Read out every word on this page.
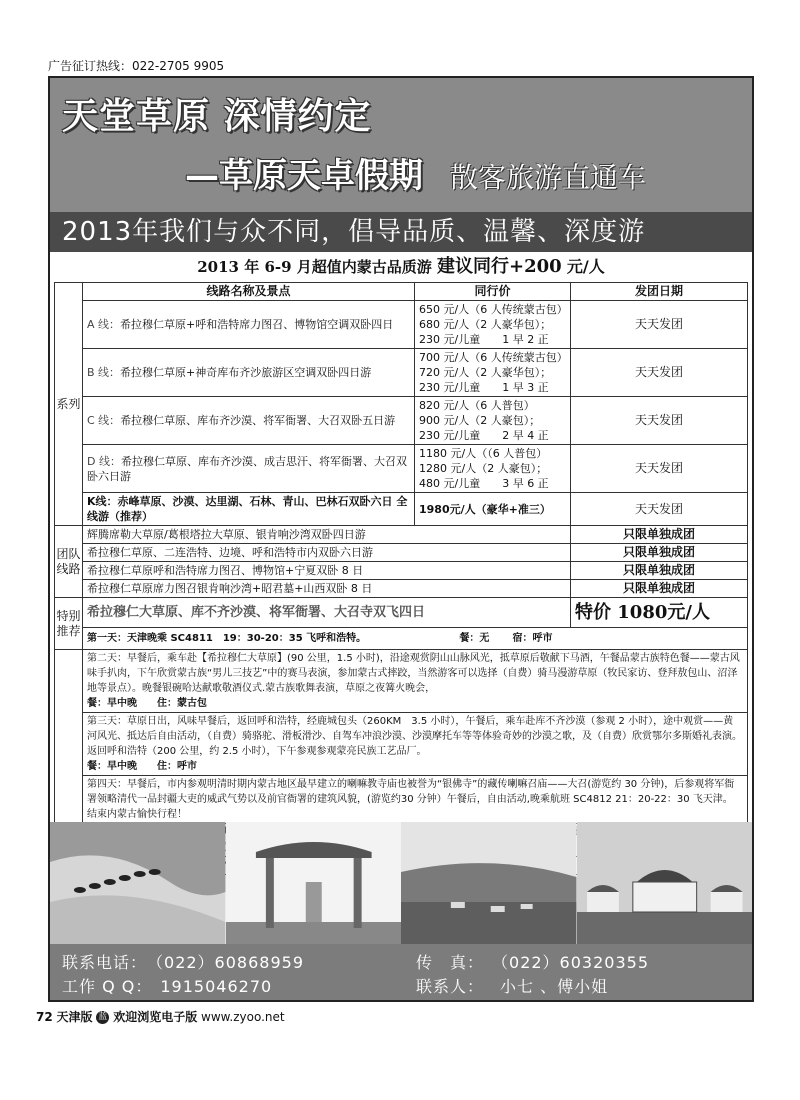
广告征订热线：022-2705 9905
天堂草原 深情约定
—草原天卓假期 散客旅游直通车
2013年我们与众不同，倡导品质、温馨、深度游
2013 年 6-9 月超值内蒙古品质游 建议同行+200 元/人
系列	线路名称及景点	同行价	发团日期
	A 线：希拉穆仁草原+呼和浩特席力图召、博物馆空调双卧四日	650 元/人（6 人传统蒙古包）
680 元/人（2 人豪华包）；
230 元/儿童　　1 早 2 正	天天发团
	B 线：希拉穆仁草原+神奇库布齐沙旅游区空调双卧四日游	700 元/人（6 人传统蒙古包）
720 元/人（2 人豪华包）；
230 元/儿童　　1 早 3 正	天天发团
	C 线：希拉穆仁草原、库布齐沙漠、将军衙署、大召双卧五日游	820 元/人（6 人普包）
900 元/人（2 人豪包）；
230 元/儿童　　2 早 4 正	天天发团
	D 线：希拉穆仁草原、库布齐沙漠、成吉思汗、将军衙署、大召双卧六日游	1180 元/人（（6 人普包）
1280 元/人（2 人豪包）；
480 元/儿童　　3 早 6 正	天天发团
	K线：赤峰草原、沙漠、达里湖、石林、青山、巴林石双卧六日 全线游（推荐）	1980元/人（豪华+准三）	天天发团
团队线路	辉腾席勒大草原/葛根塔拉大草原、银肯响沙湾双卧四日游		只限单独成团
	希拉穆仁草原、二连浩特、边境、呼和浩特市内双卧六日游		只限单独成团
	希拉穆仁草原呼和浩特席力图召、博物馆+宁夏双卧 8 日		只限单独成团
	希拉穆仁草原席力图召银肯响沙湾+昭君墓+山西双卧 8 日		只限单独成团
特别推荐	希拉穆仁大草原、库不齐沙漠、将军衙署、大召寺双飞四日		特价 1080元/人
	第一天：天津晚乘 SC4811　19：30-20：35 飞呼和浩特。 餐：无 宿：呼市		
	第二天：早餐后，乘车赴【希拉穆仁大草原】(90 公里，1.5 小时)，沿途观赏阴山山脉风光，抵草原后敬献下马酒，午餐品蒙古族特色餐——蒙古风味手扒肉，下午欣赏蒙古族“男儿三技艺”中的赛马表演，参加蒙古式摔跤，当然游客可以选择（自费）骑马漫游草原（牧民家访、登拜敖包山、沼泽地等景点）。晚餐银碗哈达献歌敬酒仪式.蒙古族歌舞表演，草原之夜篝火晚会，
餐：早中晚　　住：蒙古包		
	第三天：草原日出，风味早餐后，返回呼和浩特，经鹿城包头（260KM　3.5 小时），午餐后，乘车赴库不齐沙漠（参观 2 小时），途中观赏——黄河风光、抵达后自由活动，（自费）骑骆驼、滑板滑沙、自驾车冲浪沙漠、沙漠摩托车等等体验奇妙的沙漠之歌，及（自费）欣赏鄂尔多斯婚礼表演。返回呼和浩特（200 公里，约 2.5 小时），下午参观参观蒙亮民族工艺品厂。
餐：早中晚　　住：呼市		
	第四天：早餐后，市内参观明清时期内蒙古地区最早建立的喇嘛教寺庙也被誉为“银佛寺”的藏传喇嘛召庙——大召(游览约 30 分钟)，后参观将军衙署领略清代一品封疆大吏的威武气势以及前官衙署的建筑风貌，(游览约30 分钟）午餐后，自由活动,晚乘航班 SC4812 21：20-22：30 飞天津。　结束内蒙古愉快行程！		

联系电话： （022）60868959	传　真： （022）60320355
工作 Q Q： 1915046270	联系人： 小七 、傅小姐
72 天津版 蓝 欢迎浏览电子版 www.zyoo.net
